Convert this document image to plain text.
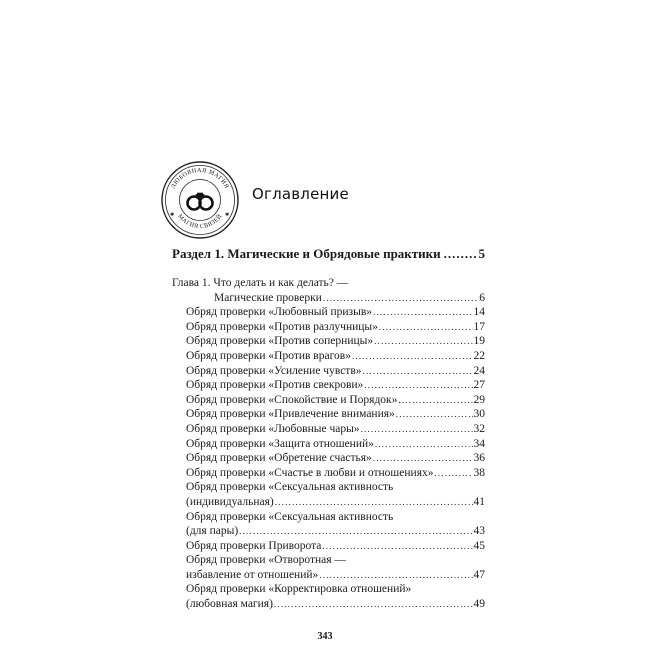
ЛЮБОВНАЯ МАГИЯ
МАГИЯ СВЯЗЕЙ
✱	✱
Оглавление
Раздел 1. Магические и Обрядовые практики .....	5
Глава 1. Что делать и как делать? —
Магические проверки .....	6
Обряд проверки «Любовный призыв» .....	14
Обряд проверки «Против разлучницы» .....	17
Обряд проверки «Против соперницы» .....	19
Обряд проверки «Против врагов» .....	22
Обряд проверки «Усиление чувств» .....	24
Обряд проверки «Против свекрови» .....	27
Обряд проверки «Спокойствие и Порядок» .....	29
Обряд проверки «Привлечение внимания» .....	30
Обряд проверки «Любовные чары» .....	32
Обряд проверки «Защита отношений» .....	34
Обряд проверки «Обретение счастья» .....	36
Обряд проверки «Счастье в любви и отношениях» .....	38
Обряд проверки «Сексуальная активность
(индивидуальная) .....	41
Обряд проверки «Сексуальная активность
(для пары) .....	43
Обряд проверки Приворота .....	45
Обряд проверки «Отворотная —
избавление от отношений» .....	47
Обряд проверки «Корректировка отношений»
(любовная магия) .....	49
343
